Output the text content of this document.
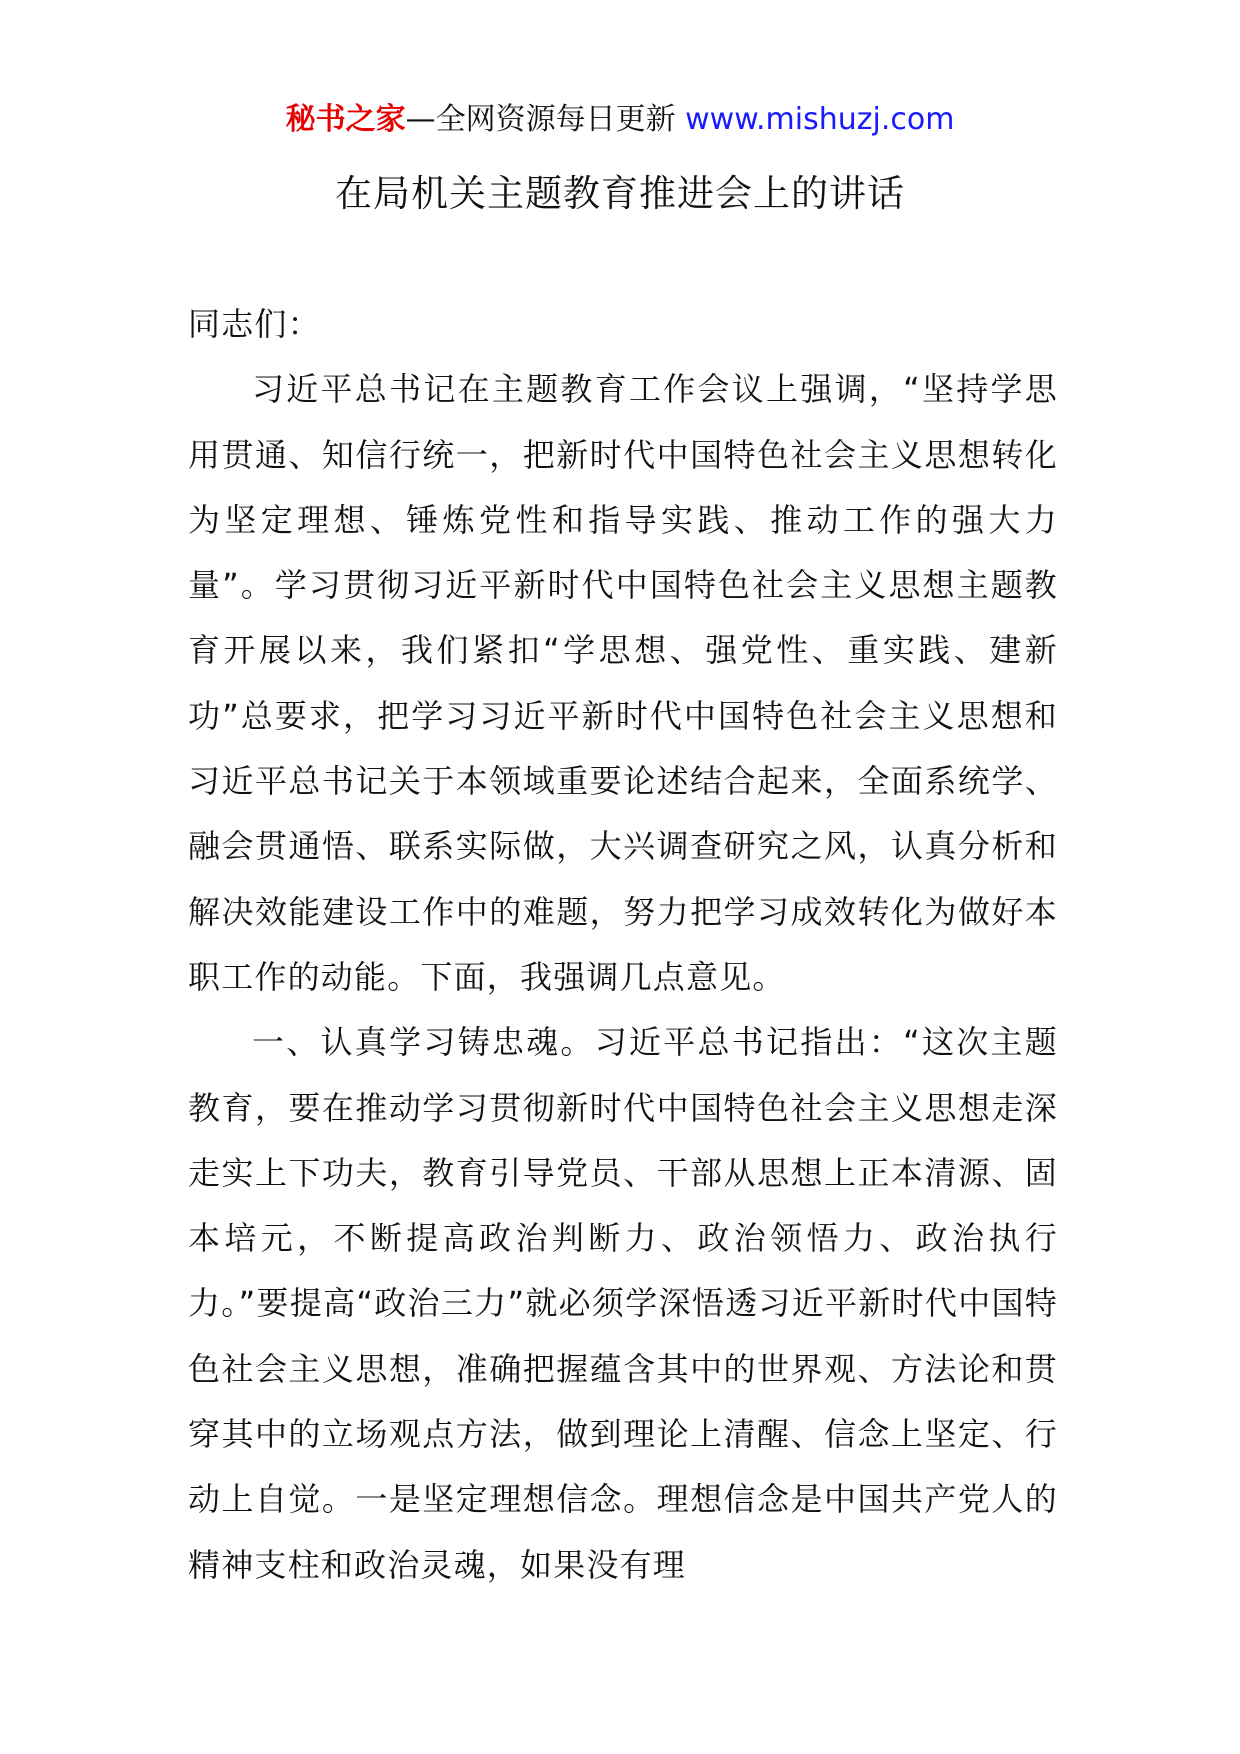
秘书之家—全网资源每日更新 www.mishuzj.com
在局机关主题教育推进会上的讲话

同志们：

习近平总书记在主题教育工作会议上强调，“坚持学思用贯通、知信行统一，把新时代中国特色社会主义思想转化为坚定理想、锤炼党性和指导实践、推动工作的强大力量”。学习贯彻习近平新时代中国特色社会主义思想主题教育开展以来，我们紧扣“学思想、强党性、重实践、建新功”总要求，把学习习近平新时代中国特色社会主义思想和习近平总书记关于本领域重要论述结合起来，全面系统学、融会贯通悟、联系实际做，大兴调查研究之风，认真分析和解决效能建设工作中的难题，努力把学习成效转化为做好本职工作的动能。下面，我强调几点意见。

一、认真学习铸忠魂。习近平总书记指出：“这次主题教育，要在推动学习贯彻新时代中国特色社会主义思想走深走实上下功夫，教育引导党员、干部从思想上正本清源、固本培元，不断提高政治判断力、政治领悟力、政治执行力。”要提高“政治三力”就必须学深悟透习近平新时代中国特色社会主义思想，准确把握蕴含其中的世界观、方法论和贯穿其中的立场观点方法，做到理论上清醒、信念上坚定、行动上自觉。一是坚定理想信念。理想信念是中国共产党人的精神支柱和政治灵魂，如果没有理
